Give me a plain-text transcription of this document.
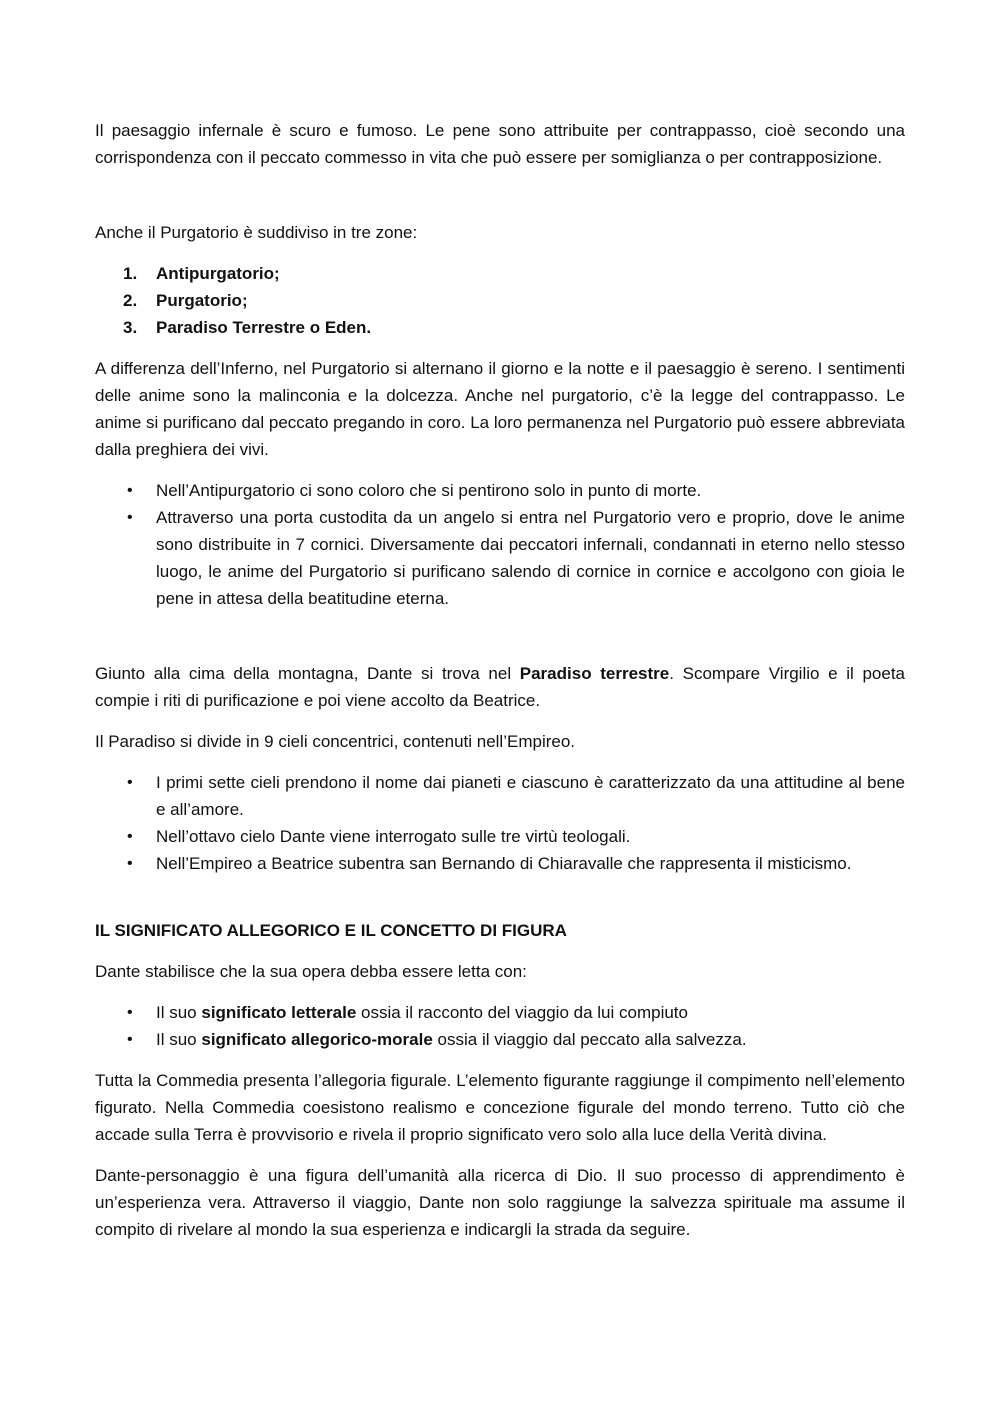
Il paesaggio infernale è scuro e fumoso. Le pene sono attribuite per contrappasso, cioè secondo una corrispondenza con il peccato commesso in vita che può essere per somiglianza o per contrapposizione.

Anche il Purgatorio è suddiviso in tre zone:

1. Antipurgatorio;
2. Purgatorio;
3. Paradiso Terrestre o Eden.

A differenza dell’Inferno, nel Purgatorio si alternano il giorno e la notte e il paesaggio è sereno. I sentimenti delle anime sono la malinconia e la dolcezza. Anche nel purgatorio, c’è la legge del contrappasso. Le anime si purificano dal peccato pregando in coro. La loro permanenza nel Purgatorio può essere abbreviata dalla preghiera dei vivi.

• Nell’Antipurgatorio ci sono coloro che si pentirono solo in punto di morte.
• Attraverso una porta custodita da un angelo si entra nel Purgatorio vero e proprio, dove le anime sono distribuite in 7 cornici. Diversamente dai peccatori infernali, condannati in eterno nello stesso luogo, le anime del Purgatorio si purificano salendo di cornice in cornice e accolgono con gioia le pene in attesa della beatitudine eterna.

Giunto alla cima della montagna, Dante si trova nel Paradiso terrestre. Scompare Virgilio e il poeta compie i riti di purificazione e poi viene accolto da Beatrice.

Il Paradiso si divide in 9 cieli concentrici, contenuti nell’Empireo.

• I primi sette cieli prendono il nome dai pianeti e ciascuno è caratterizzato da una attitudine al bene e all’amore.
• Nell’ottavo cielo Dante viene interrogato sulle tre virtù teologali.
• Nell’Empireo a Beatrice subentra san Bernando di Chiaravalle che rappresenta il misticismo.

IL SIGNIFICATO ALLEGORICO E IL CONCETTO DI FIGURA

Dante stabilisce che la sua opera debba essere letta con:

• Il suo significato letterale ossia il racconto del viaggio da lui compiuto
• Il suo significato allegorico-morale ossia il viaggio dal peccato alla salvezza.

Tutta la Commedia presenta l’allegoria figurale. L’elemento figurante raggiunge il compimento nell’elemento figurato. Nella Commedia coesistono realismo e concezione figurale del mondo terreno. Tutto ciò che accade sulla Terra è provvisorio e rivela il proprio significato vero solo alla luce della Verità divina.

Dante-personaggio è una figura dell’umanità alla ricerca di Dio. Il suo processo di apprendimento è un’esperienza vera. Attraverso il viaggio, Dante non solo raggiunge la salvezza spirituale ma assume il compito di rivelare al mondo la sua esperienza e indicargli la strada da seguire.
